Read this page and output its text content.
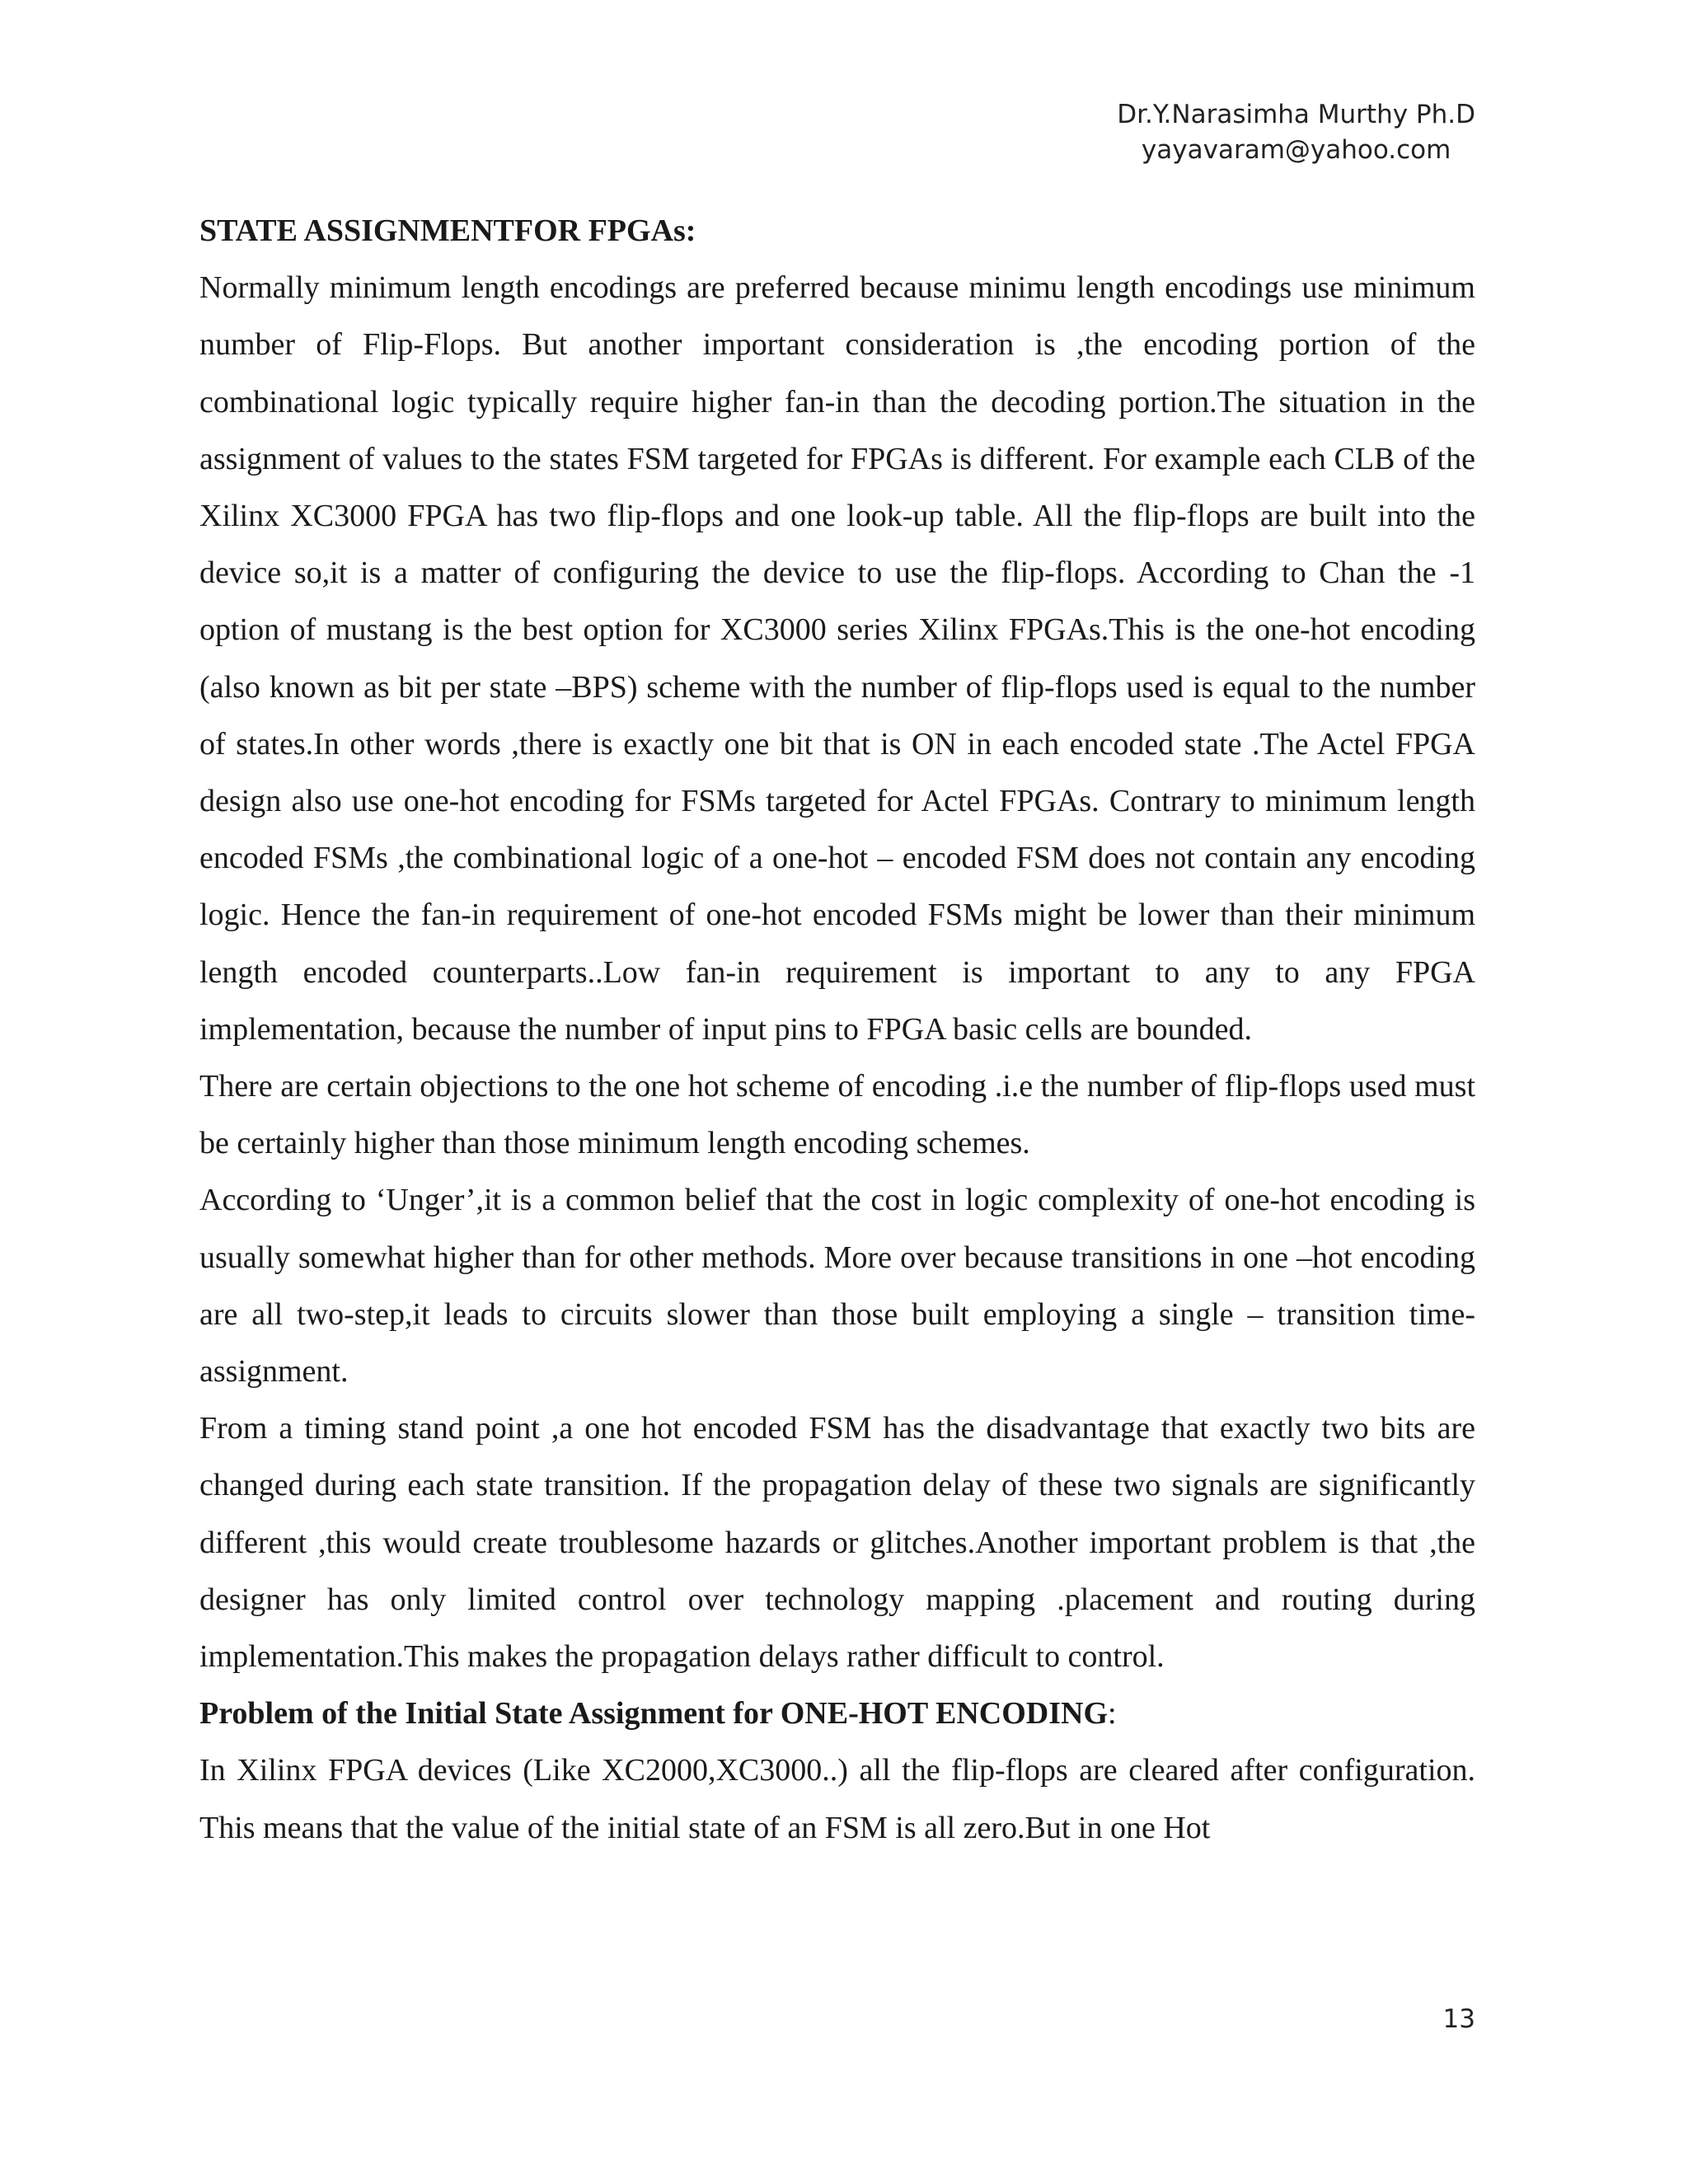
Dr.Y.Narasimha Murthy Ph.D
yayavaram@yahoo.com

STATE ASSIGNMENTFOR FPGAs:

Normally minimum length encodings are preferred because minimu length encodings use minimum number of Flip-Flops. But another important consideration is ,the encoding portion of the combinational logic typically require higher fan-in than the decoding portion.The situation in the assignment of values to the states FSM targeted for FPGAs is different. For example each CLB of the Xilinx XC3000 FPGA has two flip-flops and one look-up table. All the flip-flops are built into the device so,it is a matter of configuring the device to use the flip-flops. According to Chan the -1 option of mustang is the best option for XC3000 series Xilinx FPGAs.This is the one-hot encoding (also known as bit per state –BPS) scheme with the number of flip-flops used is equal to the number of states.In other words ,there is exactly one bit that is ON in each encoded state .The Actel FPGA design also use one-hot encoding for FSMs targeted for Actel FPGAs. Contrary to minimum length encoded FSMs ,the combinational logic of a one-hot – encoded FSM does not contain any encoding logic. Hence the fan-in requirement of one-hot encoded FSMs might be lower than their minimum length encoded counterparts..Low fan-in requirement is important to any to any FPGA implementation, because the number of input pins to FPGA basic cells are bounded.

There are certain objections to the one hot scheme of encoding .i.e the number of flip-flops used must be certainly higher than those minimum length encoding schemes.

According to ‘Unger’,it is a common belief that the cost in logic complexity of one-hot encoding is usually somewhat higher than for other methods. More over because transitions in one –hot encoding are all two-step,it leads to circuits slower than those built employing a single – transition time-assignment.

From a timing stand point ,a one hot encoded FSM has the disadvantage that exactly two bits are changed during each state transition. If the propagation delay of these two signals are significantly different ,this would create troublesome hazards or glitches.Another important problem is that ,the designer has only limited control over technology mapping .placement and routing during implementation.This makes the propagation delays rather difficult to control.

Problem of the Initial State Assignment for ONE-HOT ENCODING:

In Xilinx FPGA devices (Like XC2000,XC3000..) all the flip-flops are cleared after configuration. This means that the value of the initial state of an FSM is all zero.But in one Hot

13
